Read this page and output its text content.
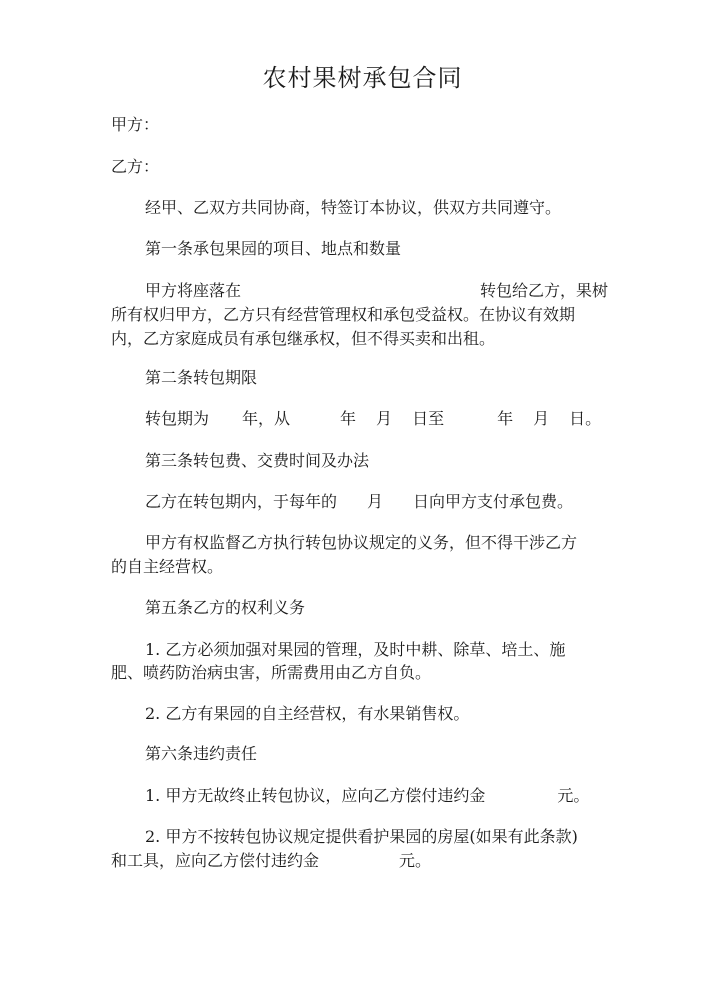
农村果树承包合同
甲方：
乙方：
经甲、乙双方共同协商，特签订本协议，供双方共同遵守。
第一条承包果园的项目、地点和数量
甲方将座落在	转包给乙方，果树
所有权归甲方，乙方只有经营管理权和承包受益权。在协议有效期
内，乙方家庭成员有承包继承权，但不得买卖和出租。
第二条转包期限
转包期为 年，从	年 月 日至	年 月 日。
第三条转包费、交费时间及办法
乙方在转包期内，于每年的 月 日向甲方支付承包费。
甲方有权监督乙方执行转包协议规定的义务，但不得干涉乙方
的自主经营权。
第五条乙方的权利义务
1. 乙方必须加强对果园的管理，及时中耕、除草、培土、施
肥、喷药防治病虫害，所需费用由乙方自负。
2. 乙方有果园的自主经营权，有水果销售权。
第六条违约责任
1. 甲方无故终止转包协议，应向乙方偿付违约金	元。
2. 甲方不按转包协议规定提供看护果园的房屋(如果有此条款)
和工具，应向乙方偿付违约金	元。
